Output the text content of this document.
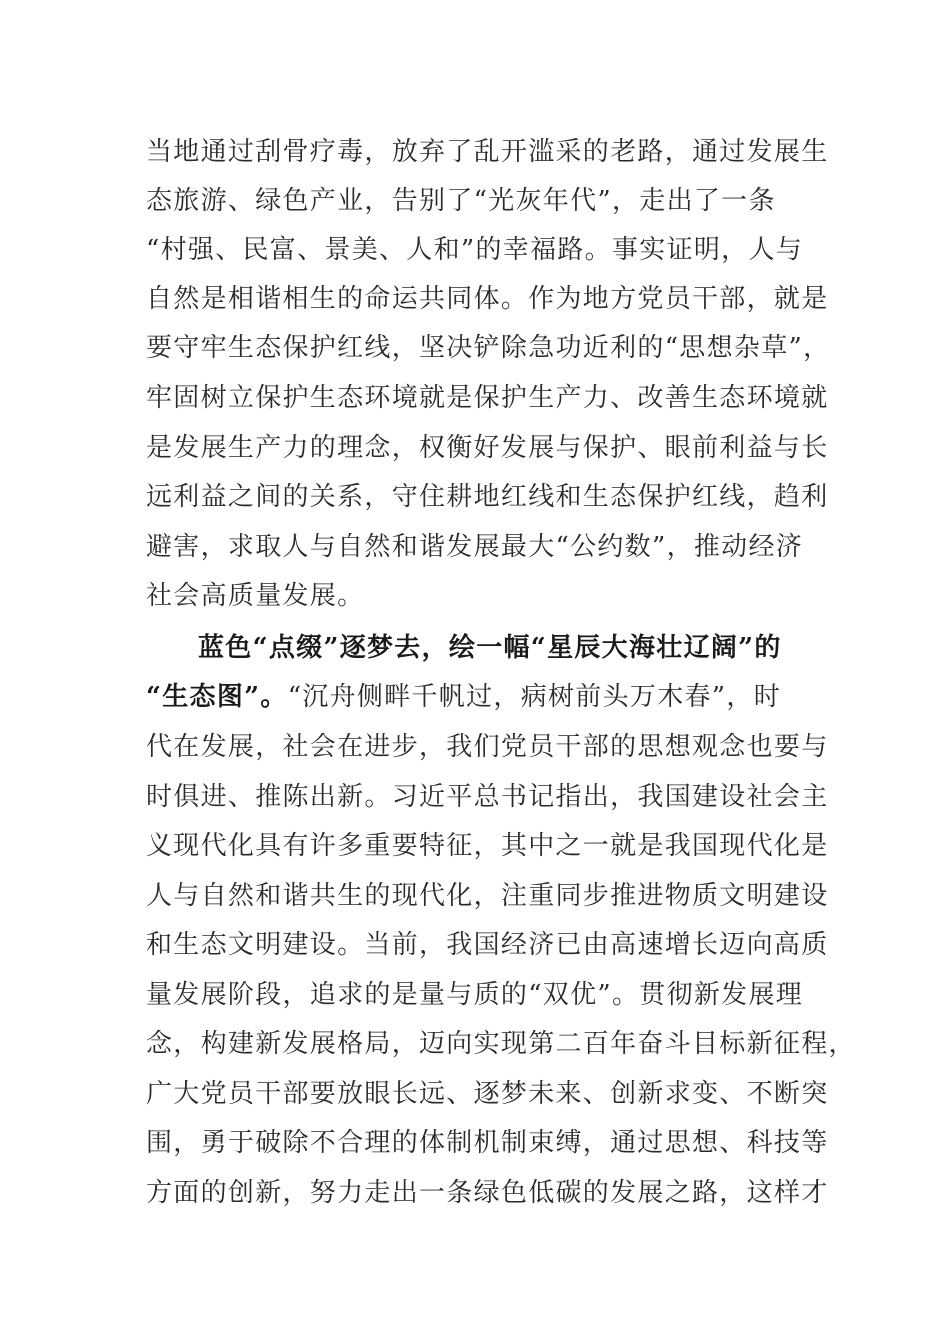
当地通过刮骨疗毒，放弃了乱开滥采的老路，通过发展生
态旅游、绿色产业，告别了“光灰年代”，走出了一条
“村强、民富、景美、人和”的幸福路。事实证明，人与
自然是相谐相生的命运共同体。作为地方党员干部，就是
要守牢生态保护红线，坚决铲除急功近利的“思想杂草”，
牢固树立保护生态环境就是保护生产力、改善生态环境就
是发展生产力的理念，权衡好发展与保护、眼前利益与长
远利益之间的关系，守住耕地红线和生态保护红线，趋利
避害，求取人与自然和谐发展最大“公约数”，推动经济
社会高质量发展。
蓝色“点缀”逐梦去，绘一幅“星辰大海壮辽阔”的
“生态图”。“沉舟侧畔千帆过，病树前头万木春”，时
代在发展，社会在进步，我们党员干部的思想观念也要与
时俱进、推陈出新。习近平总书记指出，我国建设社会主
义现代化具有许多重要特征，其中之一就是我国现代化是
人与自然和谐共生的现代化，注重同步推进物质文明建设
和生态文明建设。当前，我国经济已由高速增长迈向高质
量发展阶段，追求的是量与质的“双优”。贯彻新发展理
念，构建新发展格局，迈向实现第二百年奋斗目标新征程，
广大党员干部要放眼长远、逐梦未来、创新求变、不断突
围，勇于破除不合理的体制机制束缚，通过思想、科技等
方面的创新，努力走出一条绿色低碳的发展之路，这样才
